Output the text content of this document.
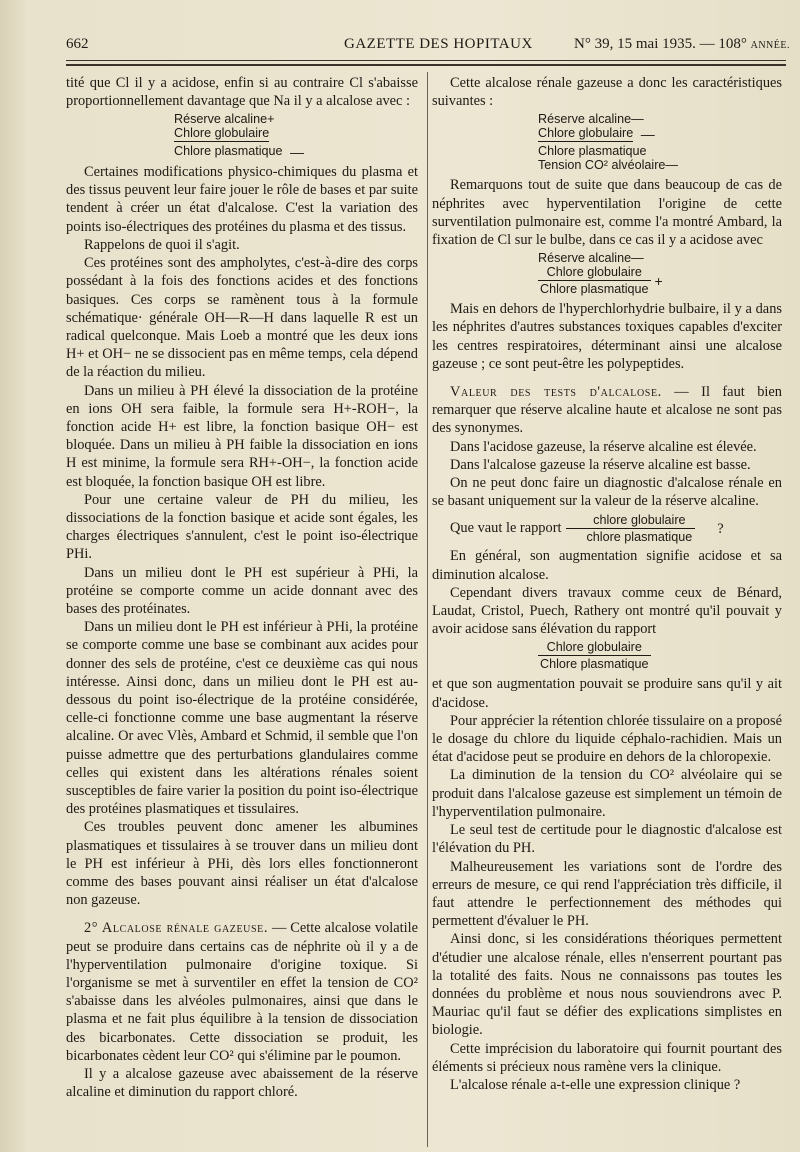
662	GAZETTE DES HOPITAUX	N° 39, 15 mai 1935. — 108° ANNÉE.

tité que Cl il y a acidose, enfin si au contraire Cl s'abaisse proportionnellement davantage que Na il y a alcalose avec :

Réserve alcaline+
Chlore globulaire
Chlore plasmatique —

Certaines modifications physico-chimiques du plasma et des tissus peuvent leur faire jouer le rôle de bases et par suite tendent à créer un état d'alcalose. C'est la variation des points iso-électriques des protéines du plasma et des tissus.

Rappelons de quoi il s'agit.

Ces protéines sont des ampholytes, c'est-à-dire des corps possédant à la fois des fonctions acides et des fonctions basiques. Ces corps se ramènent tous à la formule schématique· générale OH—R—H dans laquelle R est un radical quelconque. Mais Loeb a montré que les deux ions H+ et OH− ne se dissocient pas en même temps, cela dépend de la réaction du milieu.

Dans un milieu à PH élevé la dissociation de la protéine en ions OH sera faible, la formule sera H+-ROH−, la fonction acide H+ est libre, la fonction basique OH− est bloquée. Dans un milieu à PH faible la dissociation en ions H est minime, la formule sera RH+-OH−, la fonction acide est bloquée, la fonction basique OH est libre.

Pour une certaine valeur de PH du milieu, les dissociations de la fonction basique et acide sont égales, les charges électriques s'annulent, c'est le point iso-électrique PHi.

Dans un milieu dont le PH est supérieur à PHi, la protéine se comporte comme un acide donnant avec des bases des protéinates.

Dans un milieu dont le PH est inférieur à PHi, la protéine se comporte comme une base se combinant aux acides pour donner des sels de protéine, c'est ce deuxième cas qui nous intéresse. Ainsi donc, dans un milieu dont le PH est au-dessous du point iso-électrique de la protéine considérée, celle-ci fonctionne comme une base augmentant la réserve alcaline. Or avec Vlès, Ambard et Schmid, il semble que l'on puisse admettre que des perturbations glandulaires comme celles qui existent dans les altérations rénales soient susceptibles de faire varier la position du point iso-électrique des protéines plasmatiques et tissulaires.

Ces troubles peuvent donc amener les albumines plasmatiques et tissulaires à se trouver dans un milieu dont le PH est inférieur à PHi, dès lors elles fonctionneront comme des bases pouvant ainsi réaliser un état d'alcalose non gazeuse.

2° Alcalose rénale gazeuse. — Cette alcalose volatile peut se produire dans certains cas de néphrite où il y a de l'hyperventilation pulmonaire d'origine toxique. Si l'organisme se met à surventiler en effet la tension de CO² s'abaisse dans les alvéoles pulmonaires, ainsi que dans le plasma et ne fait plus équilibre à la tension de dissociation des bicarbonates. Cette dissociation se produit, les bicarbonates cèdent leur CO² qui s'élimine par le poumon.

Il y a alcalose gazeuse avec abaissement de la réserve alcaline et diminution du rapport chloré.

Cette alcalose rénale gazeuse a donc les caractéristiques suivantes :

Réserve alcaline—
Chlore globulaire —
Chlore plasmatique
Tension CO² alvéolaire—

Remarquons tout de suite que dans beaucoup de cas de néphrites avec hyperventilation l'origine de cette surventilation pulmonaire est, comme l'a montré Ambard, la fixation de Cl sur le bulbe, dans ce cas il y a acidose avec

Réserve alcaline—
$\frac{\text{Chlore globulaire}}{\text{Chlore plasmatique}}$ +

Mais en dehors de l'hyperchlorhydrie bulbaire, il y a dans les néphrites d'autres substances toxiques capables d'exciter les centres respiratoires, déterminant ainsi une alcalose gazeuse ; ce sont peut-être les polypeptides.

Valeur des tests d'alcalose. — Il faut bien remarquer que réserve alcaline haute et alcalose ne sont pas des synonymes.

Dans l'acidose gazeuse, la réserve alcaline est élevée.

Dans l'alcalose gazeuse la réserve alcaline est basse.

On ne peut donc faire un diagnostic d'alcalose rénale en se basant uniquement sur la valeur de la réserve alcaline.

Que vaut le rapport $\frac{\text{chlore globulaire}}{\text{chlore plasmatique}}$ ?

En général, son augmentation signifie acidose et sa diminution alcalose.

Cependant divers travaux comme ceux de Bénard, Laudat, Cristol, Puech, Rathery ont montré qu'il pouvait y avoir acidose sans élévation du rapport

$\frac{\text{Chlore globulaire}}{\text{Chlore plasmatique}}$

et que son augmentation pouvait se produire sans qu'il y ait d'acidose.

Pour apprécier la rétention chlorée tissulaire on a proposé le dosage du chlore du liquide céphalo-rachidien. Mais un état d'acidose peut se produire en dehors de la chloropexie.

La diminution de la tension du CO² alvéolaire qui se produit dans l'alcalose gazeuse est simplement un témoin de l'hyperventilation pulmonaire.

Le seul test de certitude pour le diagnostic d'alcalose est l'élévation du PH.

Malheureusement les variations sont de l'ordre des erreurs de mesure, ce qui rend l'appréciation très difficile, il faut attendre le perfectionnement des méthodes qui permettent d'évaluer le PH.

Ainsi donc, si les considérations théoriques permettent d'étudier une alcalose rénale, elles n'enserrent pourtant pas la totalité des faits. Nous ne connaissons pas toutes les données du problème et nous nous souviendrons avec P. Mauriac qu'il faut se défier des explications simplistes en biologie.

Cette imprécision du laboratoire qui fournit pourtant des éléments si précieux nous ramène vers la clinique.

L'alcalose rénale a-t-elle une expression clinique ?
